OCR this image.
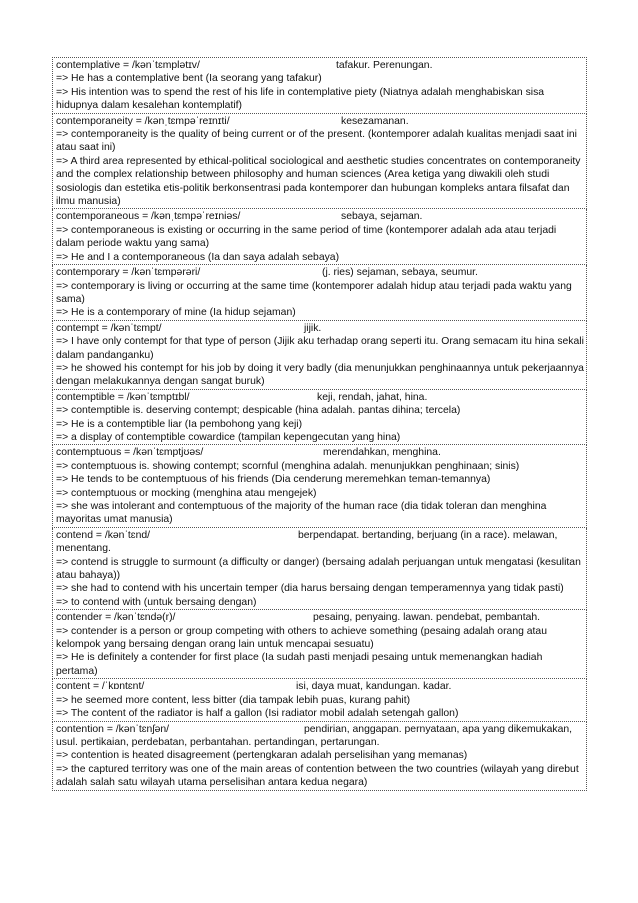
contemplative = /kənˈtɛmplətɪv/	tafakur. Perenungan.
=> He has a contemplative bent (Ia seorang yang tafakur)
=> His intention was to spend the rest of his life in contemplative piety (Niatnya adalah menghabiskan sisa hidupnya dalam kesalehan kontemplatif)
contemporaneity = /kənˌtɛmpəˈreɪnɪti/	kesezamanan.
=> contemporaneity is the quality of being current or of the present. (kontemporer adalah kualitas menjadi saat ini atau saat ini)
=> A third area represented by ethical-political sociological and aesthetic studies concentrates on contemporaneity and the complex relationship between philosophy and human sciences (Area ketiga yang diwakili oleh studi sosiologis dan estetika etis-politik berkonsentrasi pada kontemporer dan hubungan kompleks antara filsafat dan ilmu manusia)
contemporaneous = /kənˌtɛmpəˈreɪniəs/	sebaya, sejaman.
=> contemporaneous is existing or occurring in the same period of time (kontemporer adalah ada atau terjadi dalam periode waktu yang sama)
=> He and I a contemporaneous (Ia dan saya adalah sebaya)
contemporary = /kənˈtɛmpərəri/	(j. ries) sejaman, sebaya, seumur.
=> contemporary is living or occurring at the same time (kontemporer adalah hidup atau terjadi pada waktu yang sama)
=> He is a contemporary of mine (Ia hidup sejaman)
contempt = /kənˈtɛmpt/	jijik.
=> I have only contempt for that type of person (Jijik aku terhadap orang seperti itu. Orang semacam itu hina sekali dalam pandanganku)
=> he showed his contempt for his job by doing it very badly (dia menunjukkan penghinaannya untuk pekerjaannya dengan melakukannya dengan sangat buruk)
contemptible = /kənˈtɛmptɪbl/	keji, rendah, jahat, hina.
=> contemptible is. deserving contempt; despicable (hina adalah. pantas dihina; tercela)
=> He is a contemptible liar (Ia pembohong yang keji)
=> a display of contemptible cowardice (tampilan kepengecutan yang hina)
contemptuous = /kənˈtɛmptjʊəs/	merendahkan, menghina.
=> contemptuous is. showing contempt; scornful (menghina adalah. menunjukkan penghinaan; sinis)
=> He tends to be contemptuous of his friends (Dia cenderung meremehkan teman-temannya)
=> contemptuous or mocking (menghina atau mengejek)
=> she was intolerant and contemptuous of the majority of the human race (dia tidak toleran dan menghina mayoritas umat manusia)
contend = /kənˈtɛnd/	berpendapat. bertanding, berjuang (in a race). melawan, menentang.
=> contend is struggle to surmount (a difficulty or danger) (bersaing adalah perjuangan untuk mengatasi (kesulitan atau bahaya))
=> she had to contend with his uncertain temper (dia harus bersaing dengan temperamennya yang tidak pasti)
=> to contend with (untuk bersaing dengan)
contender = /kənˈtɛndə(r)/	pesaing, penyaing. lawan. pendebat, pembantah.
=> contender is a person or group competing with others to achieve something (pesaing adalah orang atau kelompok yang bersaing dengan orang lain untuk mencapai sesuatu)
=> He is definitely a contender for first place (Ia sudah pasti menjadi pesaing untuk memenangkan hadiah pertama)
content = /ˈkɒntɛnt/	isi, daya muat, kandungan. kadar.
=> he seemed more content, less bitter (dia tampak lebih puas, kurang pahit)
=> The content of the radiator is half a gallon (Isi radiator mobil adalah setengah gallon)
contention = /kənˈtɛnʃən/	pendirian, anggapan. pernyataan, apa yang dikemukakan, usul. pertikaian, perdebatan, perbantahan. pertandingan, pertarungan.
=> contention is heated disagreement (pertengkaran adalah perselisihan yang memanas)
=> the captured territory was one of the main areas of contention between the two countries (wilayah yang direbut adalah salah satu wilayah utama perselisihan antara kedua negara)
